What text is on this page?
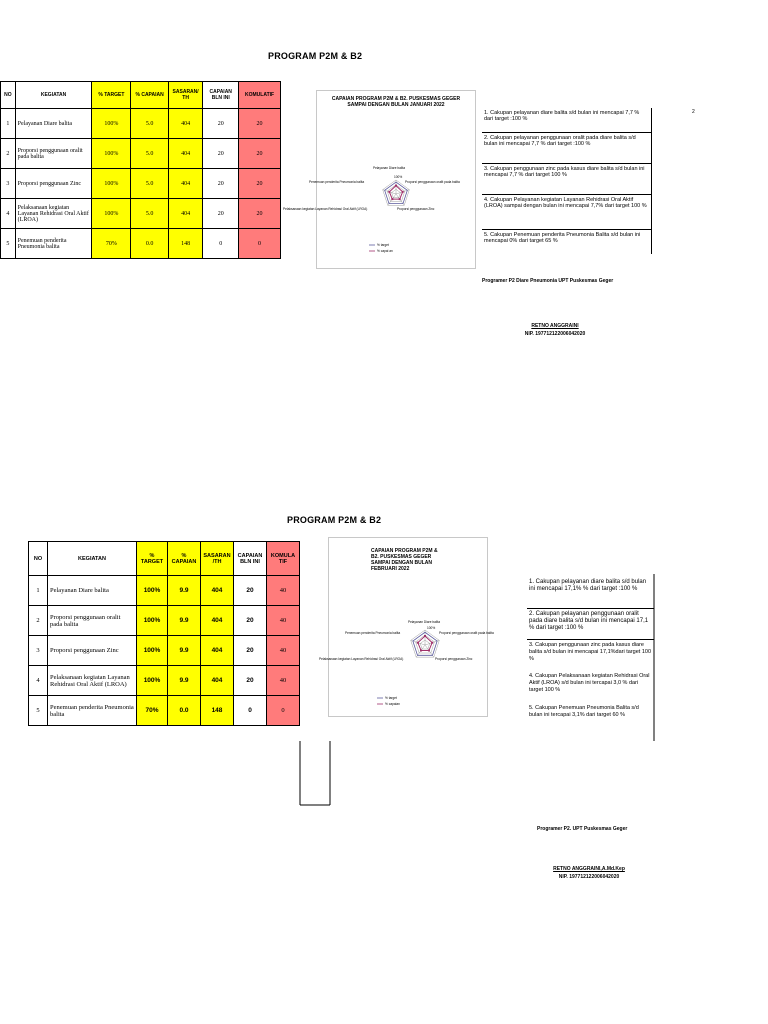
PROGRAM P2M & B2
2
NO	KEGIATAN	% TARGET	% CAPAIAN	SASARAN/ TH	CAPAIAN BLN INI	KOMULATIF
1	Pelayanan Diare balita	100%	5.0	404	20	20
2	Proporsi penggunaan oralit pada balita	100%	5.0	404	20	20
3	Proporsi penggunaan Zinc	100%	5.0	404	20	20
4	Pelaksanaan kegiatan Layanan Rehidrasi Oral Aktif (LROA)	100%	5.0	404	20	20
5	Penemuan penderita Pneumonia balita	70%	0.0	148	0	0
CAPAIAN PROGRAM P2M & B2. PUSKESMAS GEGER SAMPAI DENGAN BULAN JANUARI 2022
Pelayanan Diare balita
Proporsi penggunaan oralit pada balita
Proporsi penggunaan Zinc
Pelaksanaan kegiatan Layanan Rehidrasi Oral Aktif (LROA)
Penemuan penderita Pneumonia balita
100%
% target
% capai an
1. Cakupan pelayanan diare balita s/d bulan ini mencapai 7,7 % dari target :100 %
2. Cakupan pelayanan penggunaan oralit pada diare balita s/d bulan ini mencapai 7,7 % dari target :100 %
3. Cakupan penggunaan zinc pada kasus diare balita s/d bulan ini mencapai 7,7 % dari target 100 %
4. Cakupan Pelayanan kegiatan Layanan Rehidrasi Oral Aktif (LROA) sampai dengan bulan ini mencapai 7,7% dari target 100 %
5. Cakupan Penemuan penderita Pneumonia Balita s/d bulan ini mencapai 0% dari target 65 %
Programer P2 Diare Pneumonia UPT Puskesmas Geger
RETNO ANGGRAINI
NIP. 197712122006042020
PROGRAM P2M & B2
NO	KEGIATAN	% TARGET	% CAPAIAN	SASARAN /TH	CAPAIAN BLN INI	KOMULA TIF
1	Pelayanan Diare balita	100%	9.9	404	20	40
2	Proporsi penggunaan oralit pada balita	100%	9.9	404	20	40
3	Proporsi penggunaan Zinc	100%	9.9	404	20	40
4	Pelaksanaan kegiatan Layanan Rehidrasi Oral Aktif (LROA)	100%	9.9	404	20	40
5	Penemuan penderita Pneumonia balita	70%	0.0	148	0	0
CAPAIAN PROGRAM P2M & B2. PUSKESMAS GEGER SAMPAI DENGAN BULAN FEBRUARI 2022
Pelayanan Diare balita
Proporsi penggunaan oralit pada balita
Proporsi penggunaan Zinc
Pelaksanaan kegiatan Layanan Rehidrasi Oral Aktif (LROA)
Penemuan penderita Pneumonia balita
100%
% target
% capaian
1. Cakupan pelayanan diare balita s/d bulan ini mencapai 17,1% % dari target :100 %
2. Cakupan pelayanan penggunaan oralit pada diare balita s/d bulan ini mencapai 17,1 % dari target :100 %
3. Cakupan penggunaan zinc pada kasus diare balita s/d bulan ini mencapai 17,1%dari target 100 %
4. Cakupan Pelaksanaan kegiatan Rehidrasi Oral Aktif (LROA) s/d bulan ini tercapai 3,0 % dari target 100 %
5. Cakupan Penemuan Pneumonia Balita s/d bulan ini tercapai 3,1% dari target 60 %
Programer P2. UPT Puskesmas Geger
RETNO ANGGRAINI,A.Md.Kep
NIP. 197712122006042020
